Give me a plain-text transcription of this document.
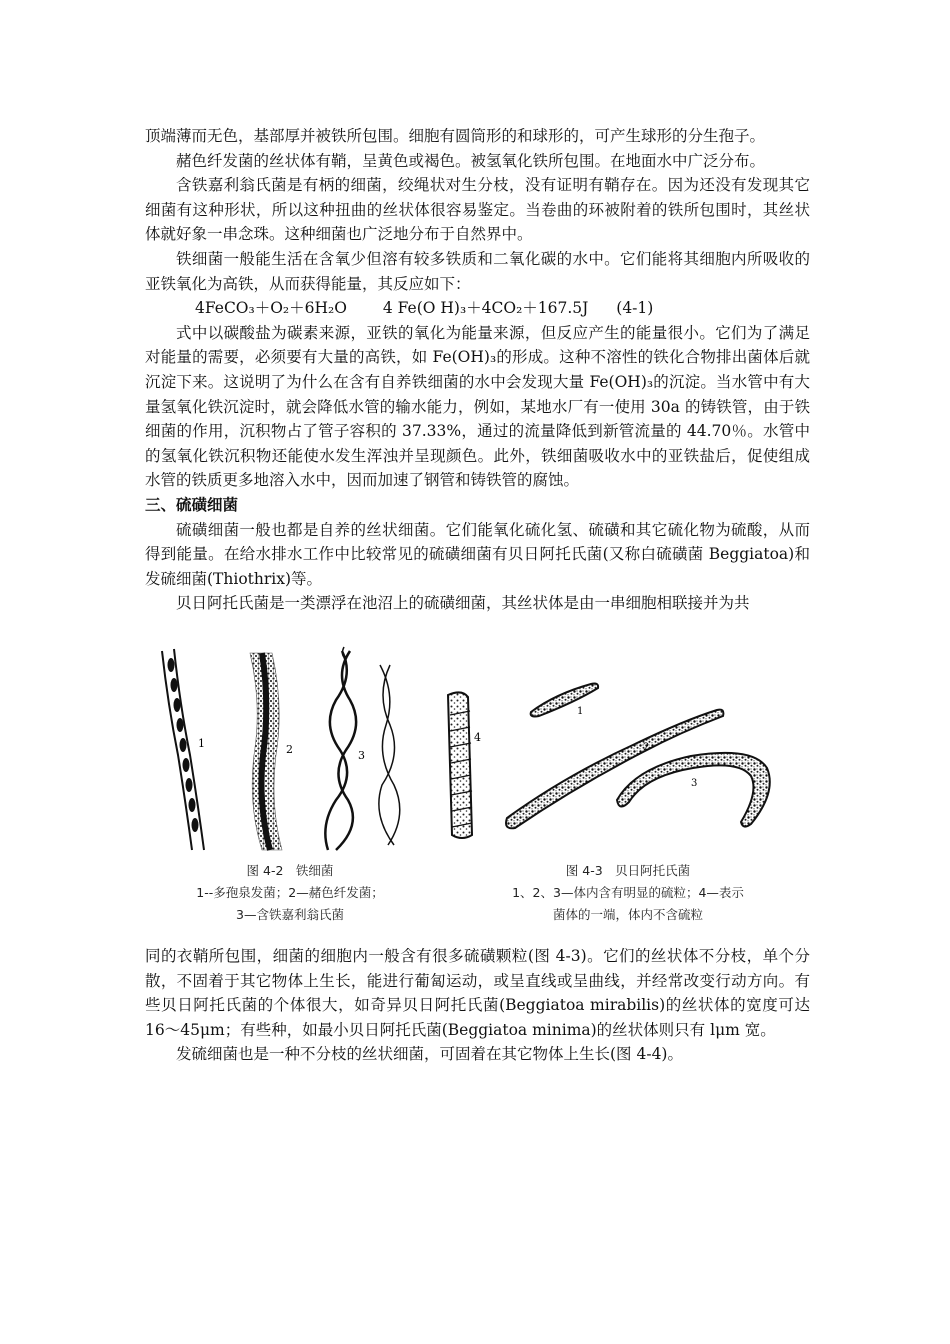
顶端薄而无色，基部厚并被铁所包围。细胞有圆筒形的和球形的，可产生球形的分生孢子。

赭色纤发菌的丝状体有鞘，呈黄色或褐色。被氢氧化铁所包围。在地面水中广泛分布。

含铁嘉利翁氏菌是有柄的细菌，绞绳状对生分枝，没有证明有鞘存在。因为还没有发现其它细菌有这种形状，所以这种扭曲的丝状体很容易鉴定。当卷曲的环被附着的铁所包围时，其丝状体就好象一串念珠。这种细菌也广泛地分布于自然界中。

铁细菌一般能生活在含氧少但溶有较多铁质和二氧化碳的水中。它们能将其细胞内所吸收的亚铁氧化为高铁，从而获得能量，其反应如下：

4FeCO₃＋O₂＋6H₂O 4 Fe(O H)₃＋4CO₂＋167.5J (4-1)

式中以碳酸盐为碳素来源，亚铁的氧化为能量来源，但反应产生的能量很小。它们为了满足对能量的需要，必须要有大量的高铁，如 Fe(OH)₃的形成。这种不溶性的铁化合物排出菌体后就沉淀下来。这说明了为什么在含有自养铁细菌的水中会发现大量 Fe(OH)₃的沉淀。当水管中有大量氢氧化铁沉淀时，就会降低水管的输水能力，例如，某地水厂有一使用 30a 的铸铁管，由于铁细菌的作用，沉积物占了管子容积的 37.33%，通过的流量降低到新管流量的 44.70％。水管中的氢氧化铁沉积物还能使水发生浑浊并呈现颜色。此外，铁细菌吸收水中的亚铁盐后，促使组成水管的铁质更多地溶入水中，因而加速了钢管和铸铁管的腐蚀。

三、硫磺细菌

硫磺细菌一般也都是自养的丝状细菌。它们能氧化硫化氢、硫磺和其它硫化物为硫酸，从而得到能量。在给水排水工作中比较常见的硫磺细菌有贝日阿托氏菌(又称白硫磺菌 Beggiatoa)和发硫细菌(Thiothrix)等。

贝日阿托氏菌是一类漂浮在池沼上的硫磺细菌，其丝状体是由一串细胞相联接并为共

1	2	3
4
1
2
3
图 4-2　铁细菌
1--多孢泉发菌；2—赭色纤发菌；
3—含铁嘉利翁氏菌
图 4-3　贝日阿托氏菌
1、2、3—体内含有明显的硫粒；4—表示
菌体的一端，体内不含硫粒

同的衣鞘所包围，细菌的细胞内一般含有很多硫磺颗粒(图 4-3)。它们的丝状体不分枝，单个分散，不固着于其它物体上生长，能进行葡匐运动，或呈直线或呈曲线，并经常改变行动方向。有些贝日阿托氏菌的个体很大，如奇异贝日阿托氏菌(Beggiatoa mirabilis)的丝状体的宽度可达 16～45μm；有些种，如最小贝日阿托氏菌(Beggiatoa minima)的丝状体则只有 lμm 宽。

发硫细菌也是一种不分枝的丝状细菌，可固着在其它物体上生长(图 4-4)。
